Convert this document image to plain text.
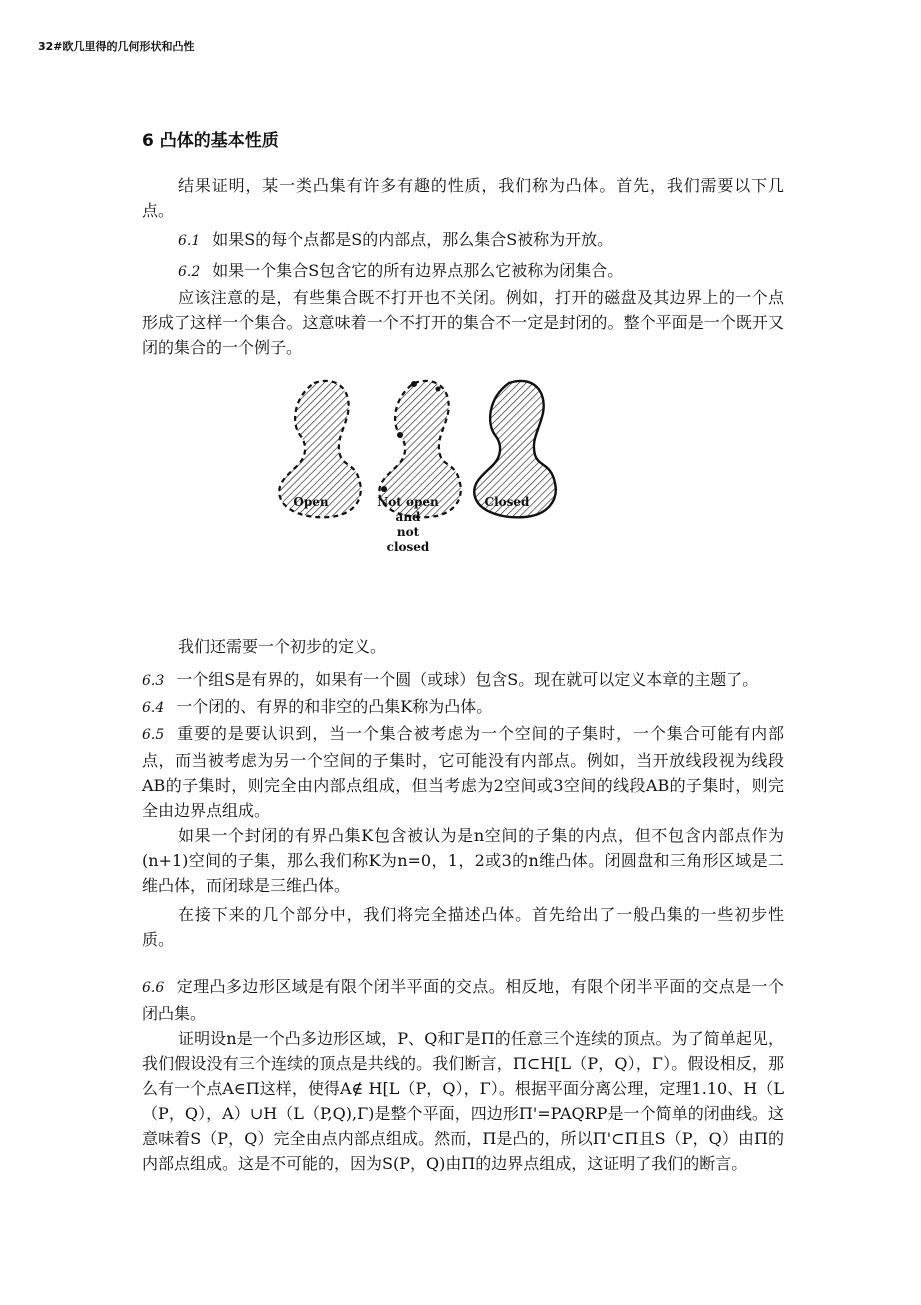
32#欧几里得的几何形状和凸性
6 凸体的基本性质

结果证明，某一类凸集有许多有趣的性质，我们称为凸体。首先，我们需要以下几点。

6.1 如果S的每个点都是S的内部点，那么集合S被称为开放。

6.2 如果一个集合S包含它的所有边界点那么它被称为闭集合。

应该注意的是，有些集合既不打开也不关闭。例如，打开的磁盘及其边界上的一个点形成了这样一个集合。这意味着一个不打开的集合不一定是封闭的。整个平面是一个既开又闭的集合的一个例子。

Open	Not open
and
not closed
Closed

我们还需要一个初步的定义。

6.3 一个组S是有界的，如果有一个圆（或球）包含S。现在就可以定义本章的主题了。

6.4 一个闭的、有界的和非空的凸集K称为凸体。

6.5 重要的是要认识到，当一个集合被考虑为一个空间的子集时，一个集合可能有内部点，而当被考虑为另一个空间的子集时，它可能没有内部点。例如，当开放线段视为线段AB的子集时，则完全由内部点组成，但当考虑为2空间或3空间的线段AB的子集时，则完全由边界点组成。

如果一个封闭的有界凸集K包含被认为是n空间的子集的内点，但不包含内部点作为(n+1)空间的子集，那么我们称K为n=0，1，2或3的n维凸体。闭圆盘和三角形区域是二维凸体，而闭球是三维凸体。

在接下来的几个部分中，我们将完全描述凸体。首先给出了一般凸集的一些初步性质。

6.6 定理凸多边形区域是有限个闭半平面的交点。相反地，有限个闭半平面的交点是一个闭凸集。

证明设n是一个凸多边形区域，P、Q和Γ是Π的任意三个连续的顶点。为了简单起见，我们假设没有三个连续的顶点是共线的。我们断言，Π⊂H[L（P，Q），Γ）。假设相反，那么有一个点A∈Π这样，使得A∉ H[L（P，Q），Γ）。根据平面分离公理，定理1.10、H（L（P，Q），A）∪H（L（P,Q),Γ)是整个平面，四边形Π'=PAQRP是一个简单的闭曲线。这意味着S（P，Q）完全由点内部点组成。然而，Π是凸的，所以Π'⊂Π且S（P，Q）由Π的内部点组成。这是不可能的，因为S(P，Q)由Π的边界点组成，这证明了我们的断言。
